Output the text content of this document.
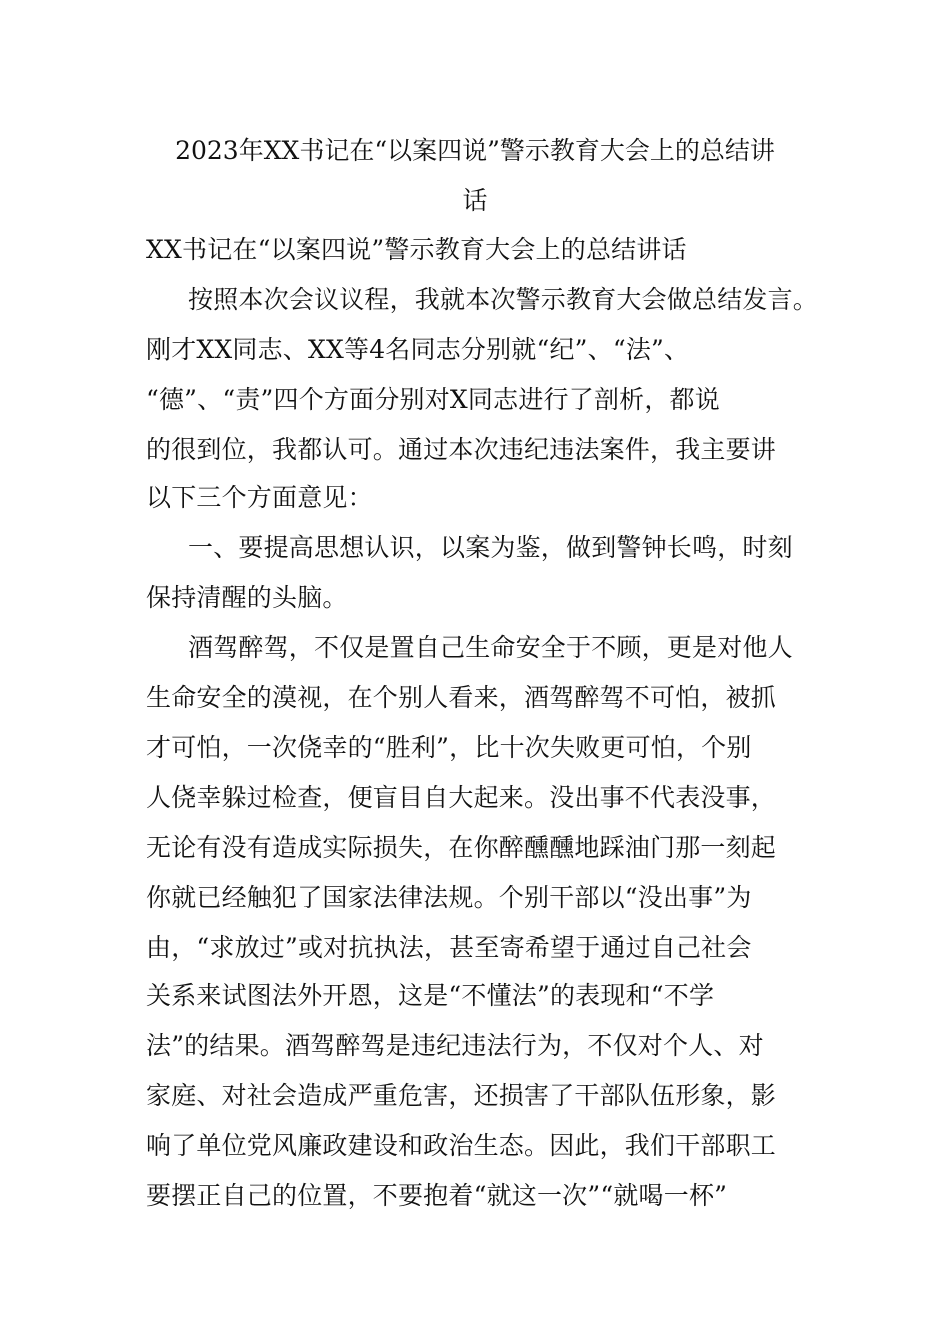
2023年XX书记在“以案四说”警示教育大会上的总结讲
话
XX书记在“以案四说”警示教育大会上的总结讲话
按照本次会议议程，我就本次警示教育大会做总结发言。
刚才XX同志、XX等4名同志分别就“纪”、“法”、
“德”、“责”四个方面分别对X同志进行了剖析，都说
的很到位，我都认可。通过本次违纪违法案件，我主要讲
以下三个方面意见：
一、要提高思想认识，以案为鉴，做到警钟长鸣，时刻
保持清醒的头脑。
酒驾醉驾，不仅是置自己生命安全于不顾，更是对他人
生命安全的漠视，在个别人看来，酒驾醉驾不可怕，被抓
才可怕，一次侥幸的“胜利”，比十次失败更可怕，个别
人侥幸躲过检查，便盲目自大起来。没出事不代表没事，
无论有没有造成实际损失，在你醉醺醺地踩油门那一刻起
你就已经触犯了国家法律法规。个别干部以“没出事”为
由，“求放过”或对抗执法，甚至寄希望于通过自己社会
关系来试图法外开恩，这是“不懂法”的表现和“不学
法”的结果。酒驾醉驾是违纪违法行为，不仅对个人、对
家庭、对社会造成严重危害，还损害了干部队伍形象，影
响了单位党风廉政建设和政治生态。因此，我们干部职工
要摆正自己的位置，不要抱着“就这一次”“就喝一杯”
